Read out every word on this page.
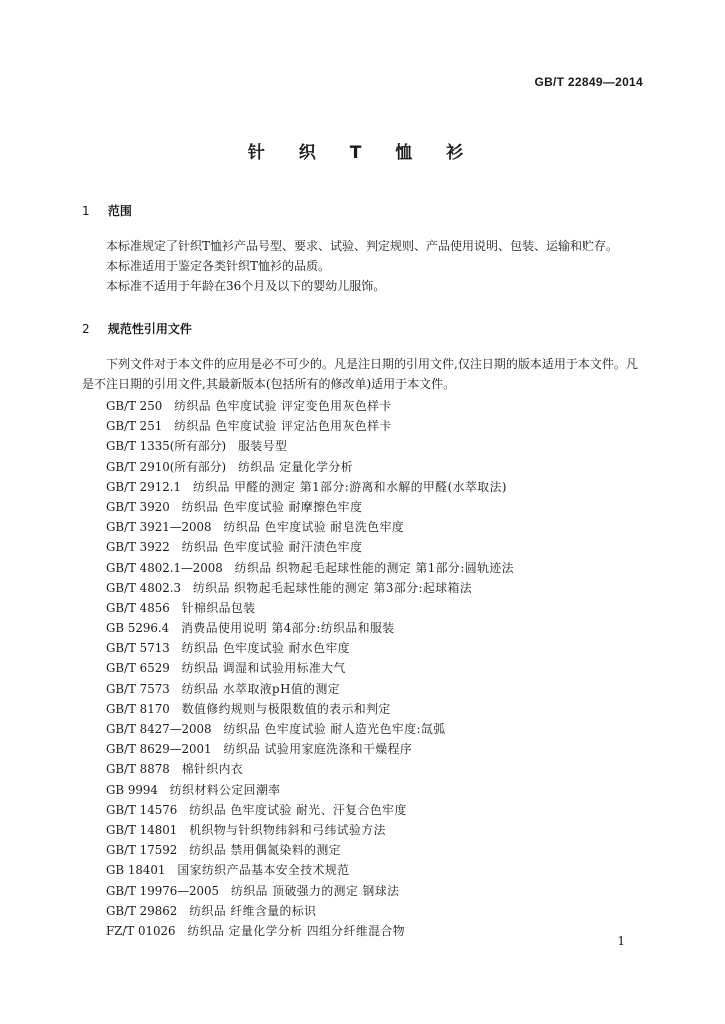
GB/T 22849—2014
针 织 T 恤 衫
1 范围

本标准规定了针织T恤衫产品号型、要求、试验、判定规则、产品使用说明、包装、运输和贮存。

本标准适用于鉴定各类针织T恤衫的品质。

本标准不适用于年龄在36个月及以下的婴幼儿服饰。

2 规范性引用文件

下列文件对于本文件的应用是必不可少的。凡是注日期的引用文件,仅注日期的版本适用于本文件。凡是不注日期的引用文件,其最新版本(包括所有的修改单)适用于本文件。

GB/T 250 纺织品 色牢度试验 评定变色用灰色样卡
GB/T 251 纺织品 色牢度试验 评定沾色用灰色样卡
GB/T 1335(所有部分) 服装号型
GB/T 2910(所有部分) 纺织品 定量化学分析
GB/T 2912.1 纺织品 甲醛的测定 第1部分:游离和水解的甲醛(水萃取法)
GB/T 3920 纺织品 色牢度试验 耐摩擦色牢度
GB/T 3921—2008 纺织品 色牢度试验 耐皂洗色牢度
GB/T 3922 纺织品 色牢度试验 耐汗渍色牢度
GB/T 4802.1—2008 纺织品 织物起毛起球性能的测定 第1部分:圆轨迹法
GB/T 4802.3 纺织品 织物起毛起球性能的测定 第3部分:起球箱法
GB/T 4856 针棉织品包装
GB 5296.4 消费品使用说明 第4部分:纺织品和服装
GB/T 5713 纺织品 色牢度试验 耐水色牢度
GB/T 6529 纺织品 调湿和试验用标准大气
GB/T 7573 纺织品 水萃取液pH值的测定
GB/T 8170 数值修约规则与极限数值的表示和判定
GB/T 8427—2008 纺织品 色牢度试验 耐人造光色牢度:氙弧
GB/T 8629—2001 纺织品 试验用家庭洗涤和干燥程序
GB/T 8878 棉针织内衣
GB 9994 纺织材料公定回潮率
GB/T 14576 纺织品 色牢度试验 耐光、汗复合色牢度
GB/T 14801 机织物与针织物纬斜和弓纬试验方法
GB/T 17592 纺织品 禁用偶氮染料的测定
GB 18401 国家纺织产品基本安全技术规范
GB/T 19976—2005 纺织品 顶破强力的测定 钢球法
GB/T 29862 纺织品 纤维含量的标识
FZ/T 01026 纺织品 定量化学分析 四组分纤维混合物
1
